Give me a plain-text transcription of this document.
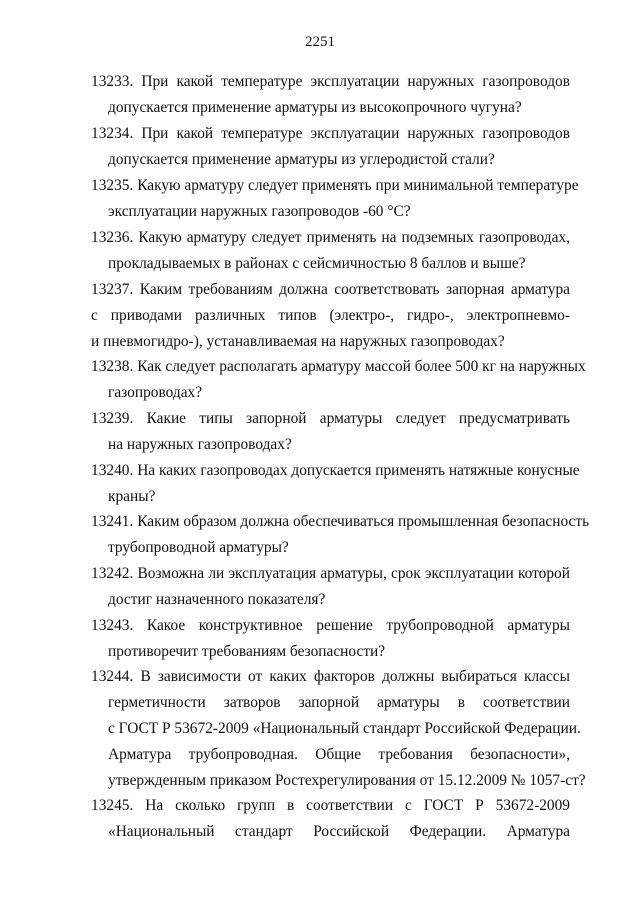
2251
13233. При какой температуре эксплуатации наружных газопроводов
допускается применение арматуры из высокопрочного чугуна?
13234. При какой температуре эксплуатации наружных газопроводов
допускается применение арматуры из углеродистой стали?
13235. Какую арматуру следует применять при минимальной температуре
эксплуатации наружных газопроводов -60 °С?
13236. Какую арматуру следует применять на подземных газопроводах,
прокладываемых в районах с сейсмичностью 8 баллов и выше?
13237. Каким требованиям должна соответствовать запорная арматура
с приводами различных типов (электро-, гидро-, электропневмо-
и пневмогидро-), устанавливаемая на наружных газопроводах?
13238. Как следует располагать арматуру массой более 500 кг на наружных
газопроводах?
13239. Какие типы запорной арматуры следует предусматривать
на наружных газопроводах?
13240. На каких газопроводах допускается применять натяжные конусные
краны?
13241. Каким образом должна обеспечиваться промышленная безопасность
трубопроводной арматуры?
13242. Возможна ли эксплуатация арматуры, срок эксплуатации которой
достиг назначенного показателя?
13243. Какое конструктивное решение трубопроводной арматуры
противоречит требованиям безопасности?
13244. В зависимости от каких факторов должны выбираться классы
герметичности затворов запорной арматуры в соответствии
с ГОСТ Р 53672-2009 «Национальный стандарт Российской Федерации.
Арматура трубопроводная. Общие требования безопасности»,
утвержденным приказом Ростехрегулирования от 15.12.2009 № 1057-ст?
13245. На сколько групп в соответствии с ГОСТ Р 53672-2009
«Национальный стандарт Российской Федерации. Арматура
